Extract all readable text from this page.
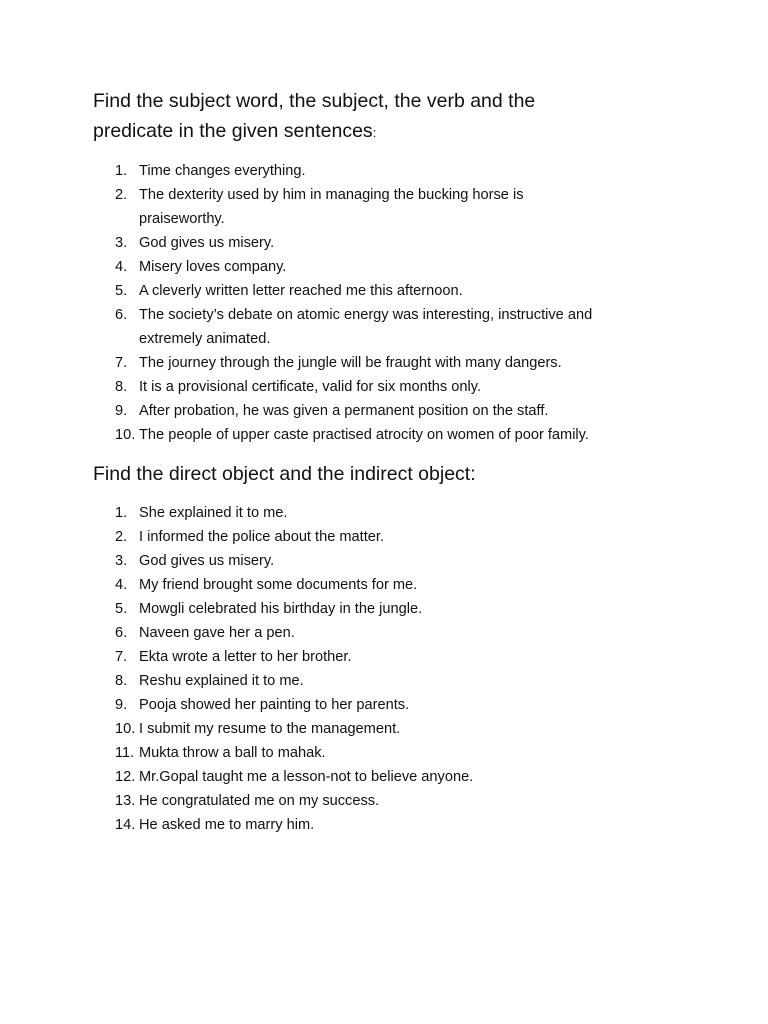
Find the subject word, the subject, the verb and the
predicate in the given sentences:
1. Time changes everything.
2. The dexterity used by him in managing the bucking horse is
praiseworthy.
3. God gives us misery.
4. Misery loves company.
5. A cleverly written letter reached me this afternoon.
6. The society’s debate on atomic energy was interesting, instructive and
extremely animated.
7. The journey through the jungle will be fraught with many dangers.
8. It is a provisional certificate, valid for six months only.
9. After probation, he was given a permanent position on the staff.
10. The people of upper caste practised atrocity on women of poor family.
Find the direct object and the indirect object:
1. She explained it to me.
2. I informed the police about the matter.
3. God gives us misery.
4. My friend brought some documents for me.
5. Mowgli celebrated his birthday in the jungle.
6. Naveen gave her a pen.
7. Ekta wrote a letter to her brother.
8. Reshu explained it to me.
9. Pooja showed her painting to her parents.
10. I submit my resume to the management.
11. Mukta throw a ball to mahak.
12. Mr.Gopal taught me a lesson-not to believe anyone.
13. He congratulated me on my success.
14. He asked me to marry him.
